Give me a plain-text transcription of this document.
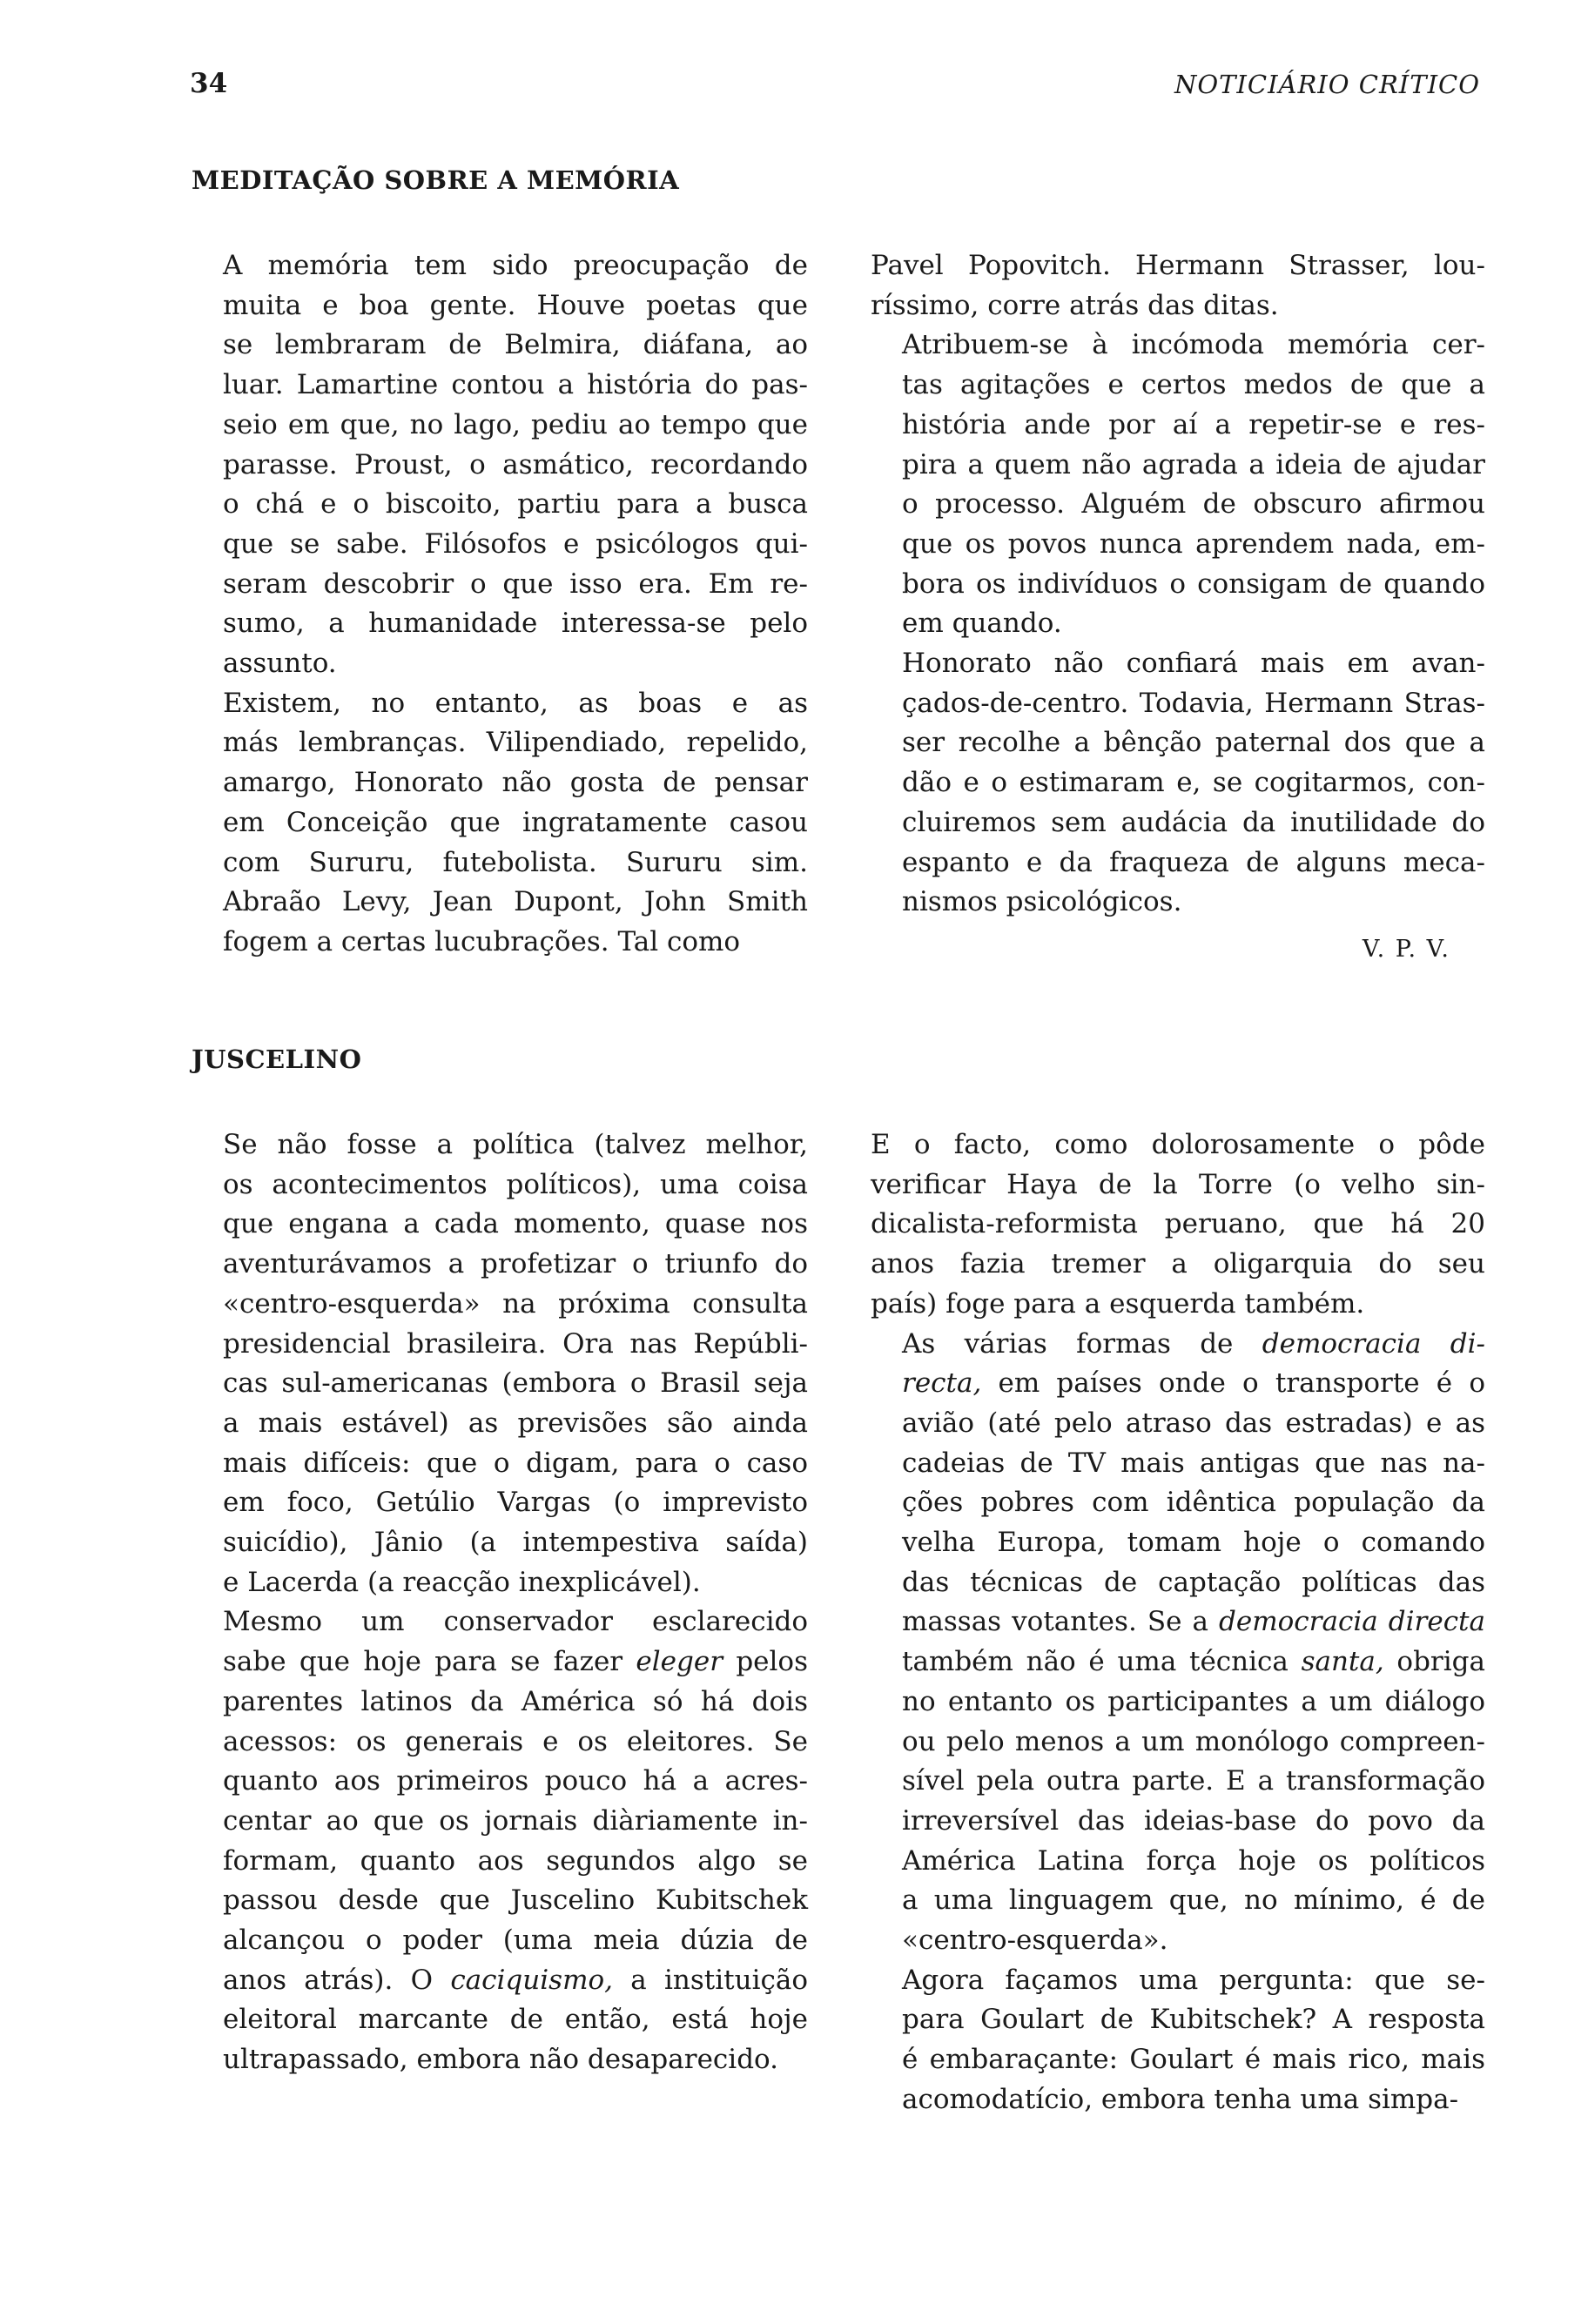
34	NOTICIÁRIO CRÍTICO
MEDITAÇÃO SOBRE A MEMÓRIA

A memória tem sido preocupação de
muita e boa gente. Houve poetas que
se lembraram de Belmira, diáfana, ao
luar. Lamartine contou a história do pas-
seio em que, no lago, pediu ao tempo que
parasse. Proust, o asmático, recordando
o chá e o biscoito, partiu para a busca
que se sabe. Filósofos e psicólogos qui-
seram descobrir o que isso era. Em re-
sumo, a humanidade interessa-se pelo
assunto.

Existem, no entanto, as boas e as
más lembranças. Vilipendiado, repelido,
amargo, Honorato não gosta de pensar
em Conceição que ingratamente casou
com Sururu, futebolista. Sururu sim.
Abraão Levy, Jean Dupont, John Smith
fogem a certas lucubrações. Tal como

Pavel Popovitch. Hermann Strasser, lou-
ríssimo, corre atrás das ditas.

Atribuem-se à incómoda memória cer-
tas agitações e certos medos de que a
história ande por aí a repetir-se e res-
pira a quem não agrada a ideia de ajudar
o processo. Alguém de obscuro afirmou
que os povos nunca aprendem nada, em-
bora os indivíduos o consigam de quando
em quando.

Honorato não confiará mais em avan-
çados-de-centro. Todavia, Hermann Stras-
ser recolhe a bênção paternal dos que a
dão e o estimaram e, se cogitarmos, con-
cluiremos sem audácia da inutilidade do
espanto e da fraqueza de alguns meca-
nismos psicológicos.

V. P. V.

JUSCELINO

Se não fosse a política (talvez melhor,
os acontecimentos políticos), uma coisa
que engana a cada momento, quase nos
aventurávamos a profetizar o triunfo do
«centro-esquerda» na próxima consulta
presidencial brasileira. Ora nas Repúbli-
cas sul-americanas (embora o Brasil seja
a mais estável) as previsões são ainda
mais difíceis: que o digam, para o caso
em foco, Getúlio Vargas (o imprevisto
suicídio), Jânio (a intempestiva saída)
e Lacerda (a reacção inexplicável).

Mesmo um conservador esclarecido
sabe que hoje para se fazer eleger pelos
parentes latinos da América só há dois
acessos: os generais e os eleitores. Se
quanto aos primeiros pouco há a acres-
centar ao que os jornais diàriamente in-
formam, quanto aos segundos algo se
passou desde que Juscelino Kubitschek
alcançou o poder (uma meia dúzia de
anos atrás). O caciquismo, a instituição
eleitoral marcante de então, está hoje
ultrapassado, embora não desaparecido.

E o facto, como dolorosamente o pôde
verificar Haya de la Torre (o velho sin-
dicalista-reformista peruano, que há 20
anos fazia tremer a oligarquia do seu
país) foge para a esquerda também.

As várias formas de democracia di-
recta, em países onde o transporte é o
avião (até pelo atraso das estradas) e as
cadeias de TV mais antigas que nas na-
ções pobres com idêntica população da
velha Europa, tomam hoje o comando
das técnicas de captação políticas das
massas votantes. Se a democracia directa
também não é uma técnica santa, obriga
no entanto os participantes a um diálogo
ou pelo menos a um monólogo compreen-
sível pela outra parte. E a transformação
irreversível das ideias-base do povo da
América Latina força hoje os políticos
a uma linguagem que, no mínimo, é de
«centro-esquerda».

Agora façamos uma pergunta: que se-
para Goulart de Kubitschek? A resposta
é embaraçante: Goulart é mais rico, mais
acomodatício, embora tenha uma simpa-
